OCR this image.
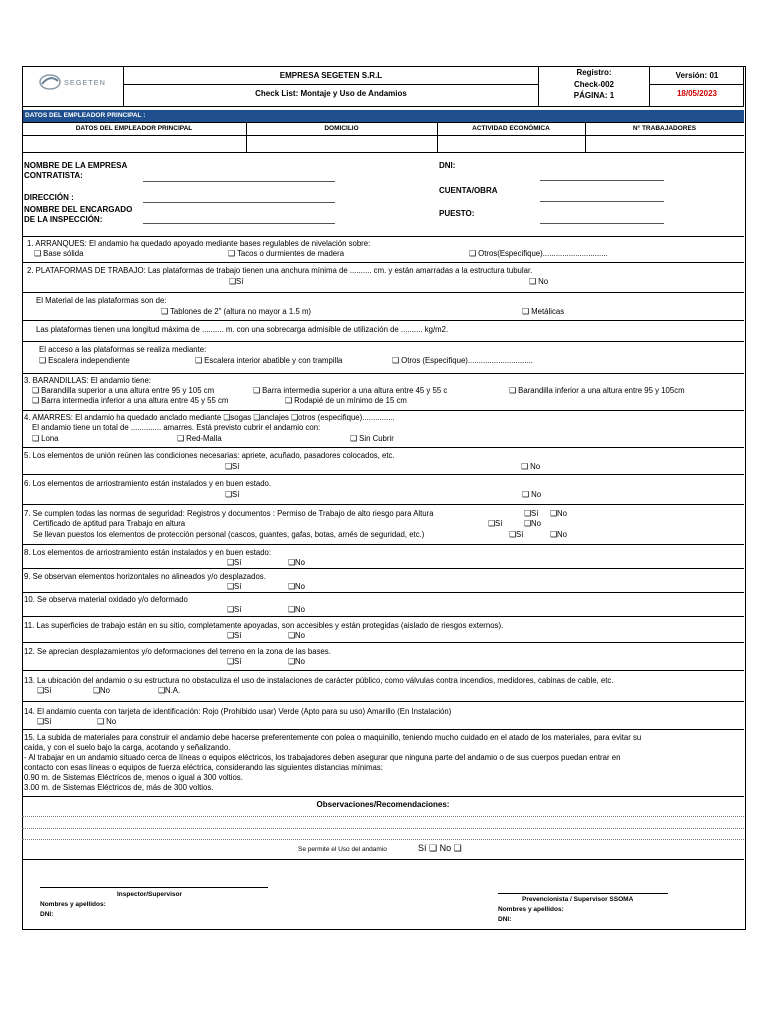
SEGETEN
EMPRESA SEGETEN S.R.L
Check List: Montaje y Uso de Andamios
Registro:
Check-002
PÁGINA: 1
Versión: 01
18/05/2023
DATOS DEL EMPLEADOR PRINCIPAL :
DATOS DEL EMPLEADOR PRINCIPAL	DOMICILIO	ACTIVIDAD ECONÓMICA	N° TRABAJADORES
NOMBRE DE LA EMPRESA
CONTRATISTA:
DIRECCIÓN :
NOMBRE DEL ENCARGADO
DE LA INSPECCIÓN:
DNI:
CUENTA/OBRA
PUESTO:
1. ARRANQUES: El andamio ha quedado apoyado mediante bases regulables de nivelación sobre:
❑ Base sólida	❑ Tacos o durmientes de madera	❑ Otros(Especifique)..............................
2. PLATAFORMAS DE TRABAJO: Las plataformas de trabajo tienen una anchura mínima de .......... cm. y están amarradas a la estructura tubular.
❑Sí	❑ No
El Material de las plataformas son de:
❑ Tablones de 2" (altura no mayor a 1.5 m)	❑ Metálicas
Las plataformas tienen una longitud máxima de .......... m. con una sobrecarga admisible de utilización de .......... kg/m2.
El acceso a las plataformas se realiza mediante:
❑ Escalera independiente	❑ Escalera interior abatible y con trampilla	❑ Otros (Especifique)..............................
3. BARANDILLAS: El andamio tiene:
❑ Barandilla superior a una altura entre 95 y 105 cm	❑ Barra intermedia superior a una altura entre 45 y 55 c	❑ Barandilla inferior a una altura entre 95 y 105cm
❑ Barra intermedia inferior a una altura entre 45 y 55 cm	❑ Rodapié de un mínimo de 15 cm
4. AMARRES: El andamio ha quedado anclado mediante ❑sogas ❑anclajes ❑otros (especifique)...............
El andamio tiene un total de .............. amarres. Está previsto cubrir el andamio con:
❑ Lona	❑ Red-Malla	❑ Sin Cubrir
5. Los elementos de unión reúnen las condiciones necesarias: apriete, acuñado, pasadores colocados, etc.
❑Sí	❑ No
6. Los elementos de arriostramiento están instalados y en buen estado.
❑Sí	❑ No
7. Se cumplen todas las normas de seguridad: Registros y documentos : Permiso de Trabajo de alto riesgo para Altura	❑Sí ❑No
Certificado de aptitud para Trabajo en altura	❑Sí	❑No
Se llevan puestos los elementos de protección personal (cascos, guantes, gafas, botas, arnés de seguridad, etc.)	❑Sí	❑No
8. Los elementos de arriostramiento están instalados y en buen estado:
❑Sí	❑No
9. Se observan elementos horizontales no alineados y/o desplazados.
❑Sí	❑No
10. Se observa material oxidado y/o deformado
❑Sí	❑No
11. Las superficies de trabajo están en su sitio, completamente apoyadas, son accesibles y están protegidas (aislado de riesgos externos).
❑Sí	❑No
12. Se aprecian desplazamientos y/o deformaciones del terreno en la zona de las bases.
❑Sí	❑No
13. La ubicación del andamio o su estructura no obstaculiza el uso de instalaciones de carácter público, como válvulas contra incendios, medidores, cabinas de cable, etc.
❑Sí	❑No	❑N.A.
14. El andamio cuenta con tarjeta de identificación: Rojo (Prohibido usar) Verde (Apto para su uso) Amarillo (En Instalación)
❑Sí	❑ No
15. La subida de materiales para construir el andamio debe hacerse preferentemente con polea o maquinillo, teniendo mucho cuidado en el atado de los materiales, para evitar su
caída, y con el suelo bajo la carga, acotando y señalizando.
- Al trabajar en un andamio situado cerca de líneas o equipos eléctricos, los trabajadores deben asegurar que ninguna parte del andamio o de sus cuerpos puedan entrar en
contacto con esas líneas o equipos de fuerza eléctrica, considerando las siguientes distancias mínimas:
0.90 m. de Sistemas Eléctricos de, menos o igual a 300 voltios.
3.00 m. de Sistemas Eléctricos de, más de 300 voltios.
Observaciones/Recomendaciones:
Se permite el Uso del andamio	Sí ❑ No ❑
Inspector/Supervisor
Nombres y apellidos:
DNI:
Prevencionista / Supervisor SSOMA
Nombres y apellidos:
DNI:
